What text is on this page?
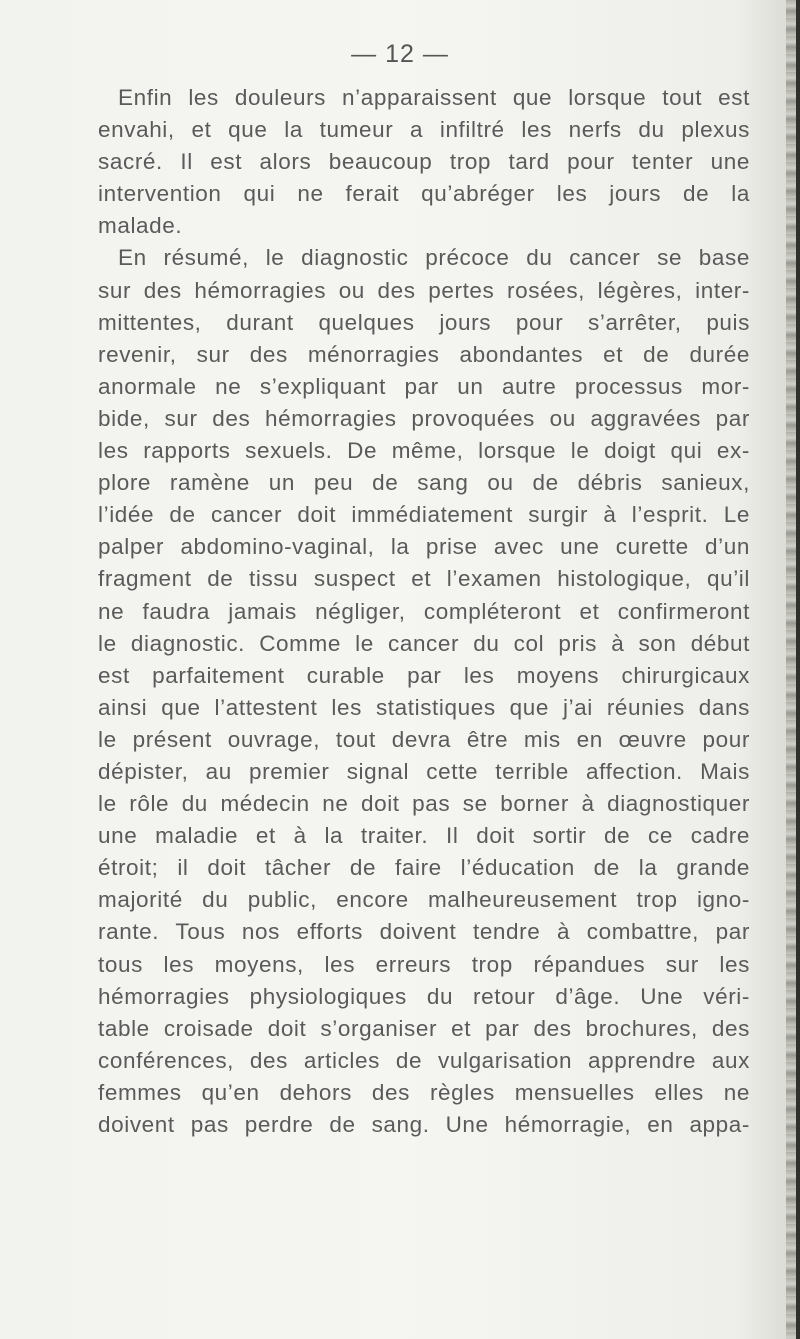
— 12 —
Enfin les douleurs n’apparaissent que lorsque tout est
envahi, et que la tumeur a infiltré les nerfs du plexus
sacré. Il est alors beaucoup trop tard pour tenter une
intervention qui ne ferait qu’abréger les jours de la
malade.
En résumé, le diagnostic précoce du cancer se base
sur des hémorragies ou des pertes rosées, légères, inter-
mittentes, durant quelques jours pour s’arrêter, puis
revenir, sur des ménorragies abondantes et de durée
anormale ne s’expliquant par un autre processus mor-
bide, sur des hémorragies provoquées ou aggravées par
les rapports sexuels. De même, lorsque le doigt qui ex-
plore ramène un peu de sang ou de débris sanieux,
l’idée de cancer doit immédiatement surgir à l’esprit. Le
palper abdomino-vaginal, la prise avec une curette d’un
fragment de tissu suspect et l’examen histologique, qu’il
ne faudra jamais négliger, compléteront et confirmeront
le diagnostic. Comme le cancer du col pris à son début
est parfaitement curable par les moyens chirurgicaux
ainsi que l’attestent les statistiques que j’ai réunies dans
le présent ouvrage, tout devra être mis en œuvre pour
dépister, au premier signal cette terrible affection. Mais
le rôle du médecin ne doit pas se borner à diagnostiquer
une maladie et à la traiter. Il doit sortir de ce cadre
étroit; il doit tâcher de faire l’éducation de la grande
majorité du public, encore malheureusement trop igno-
rante. Tous nos efforts doivent tendre à combattre, par
tous les moyens, les erreurs trop répandues sur les
hémorragies physiologiques du retour d’âge. Une véri-
table croisade doit s’organiser et par des brochures, des
conférences, des articles de vulgarisation apprendre aux
femmes qu’en dehors des règles mensuelles elles ne
doivent pas perdre de sang. Une hémorragie, en appa-
